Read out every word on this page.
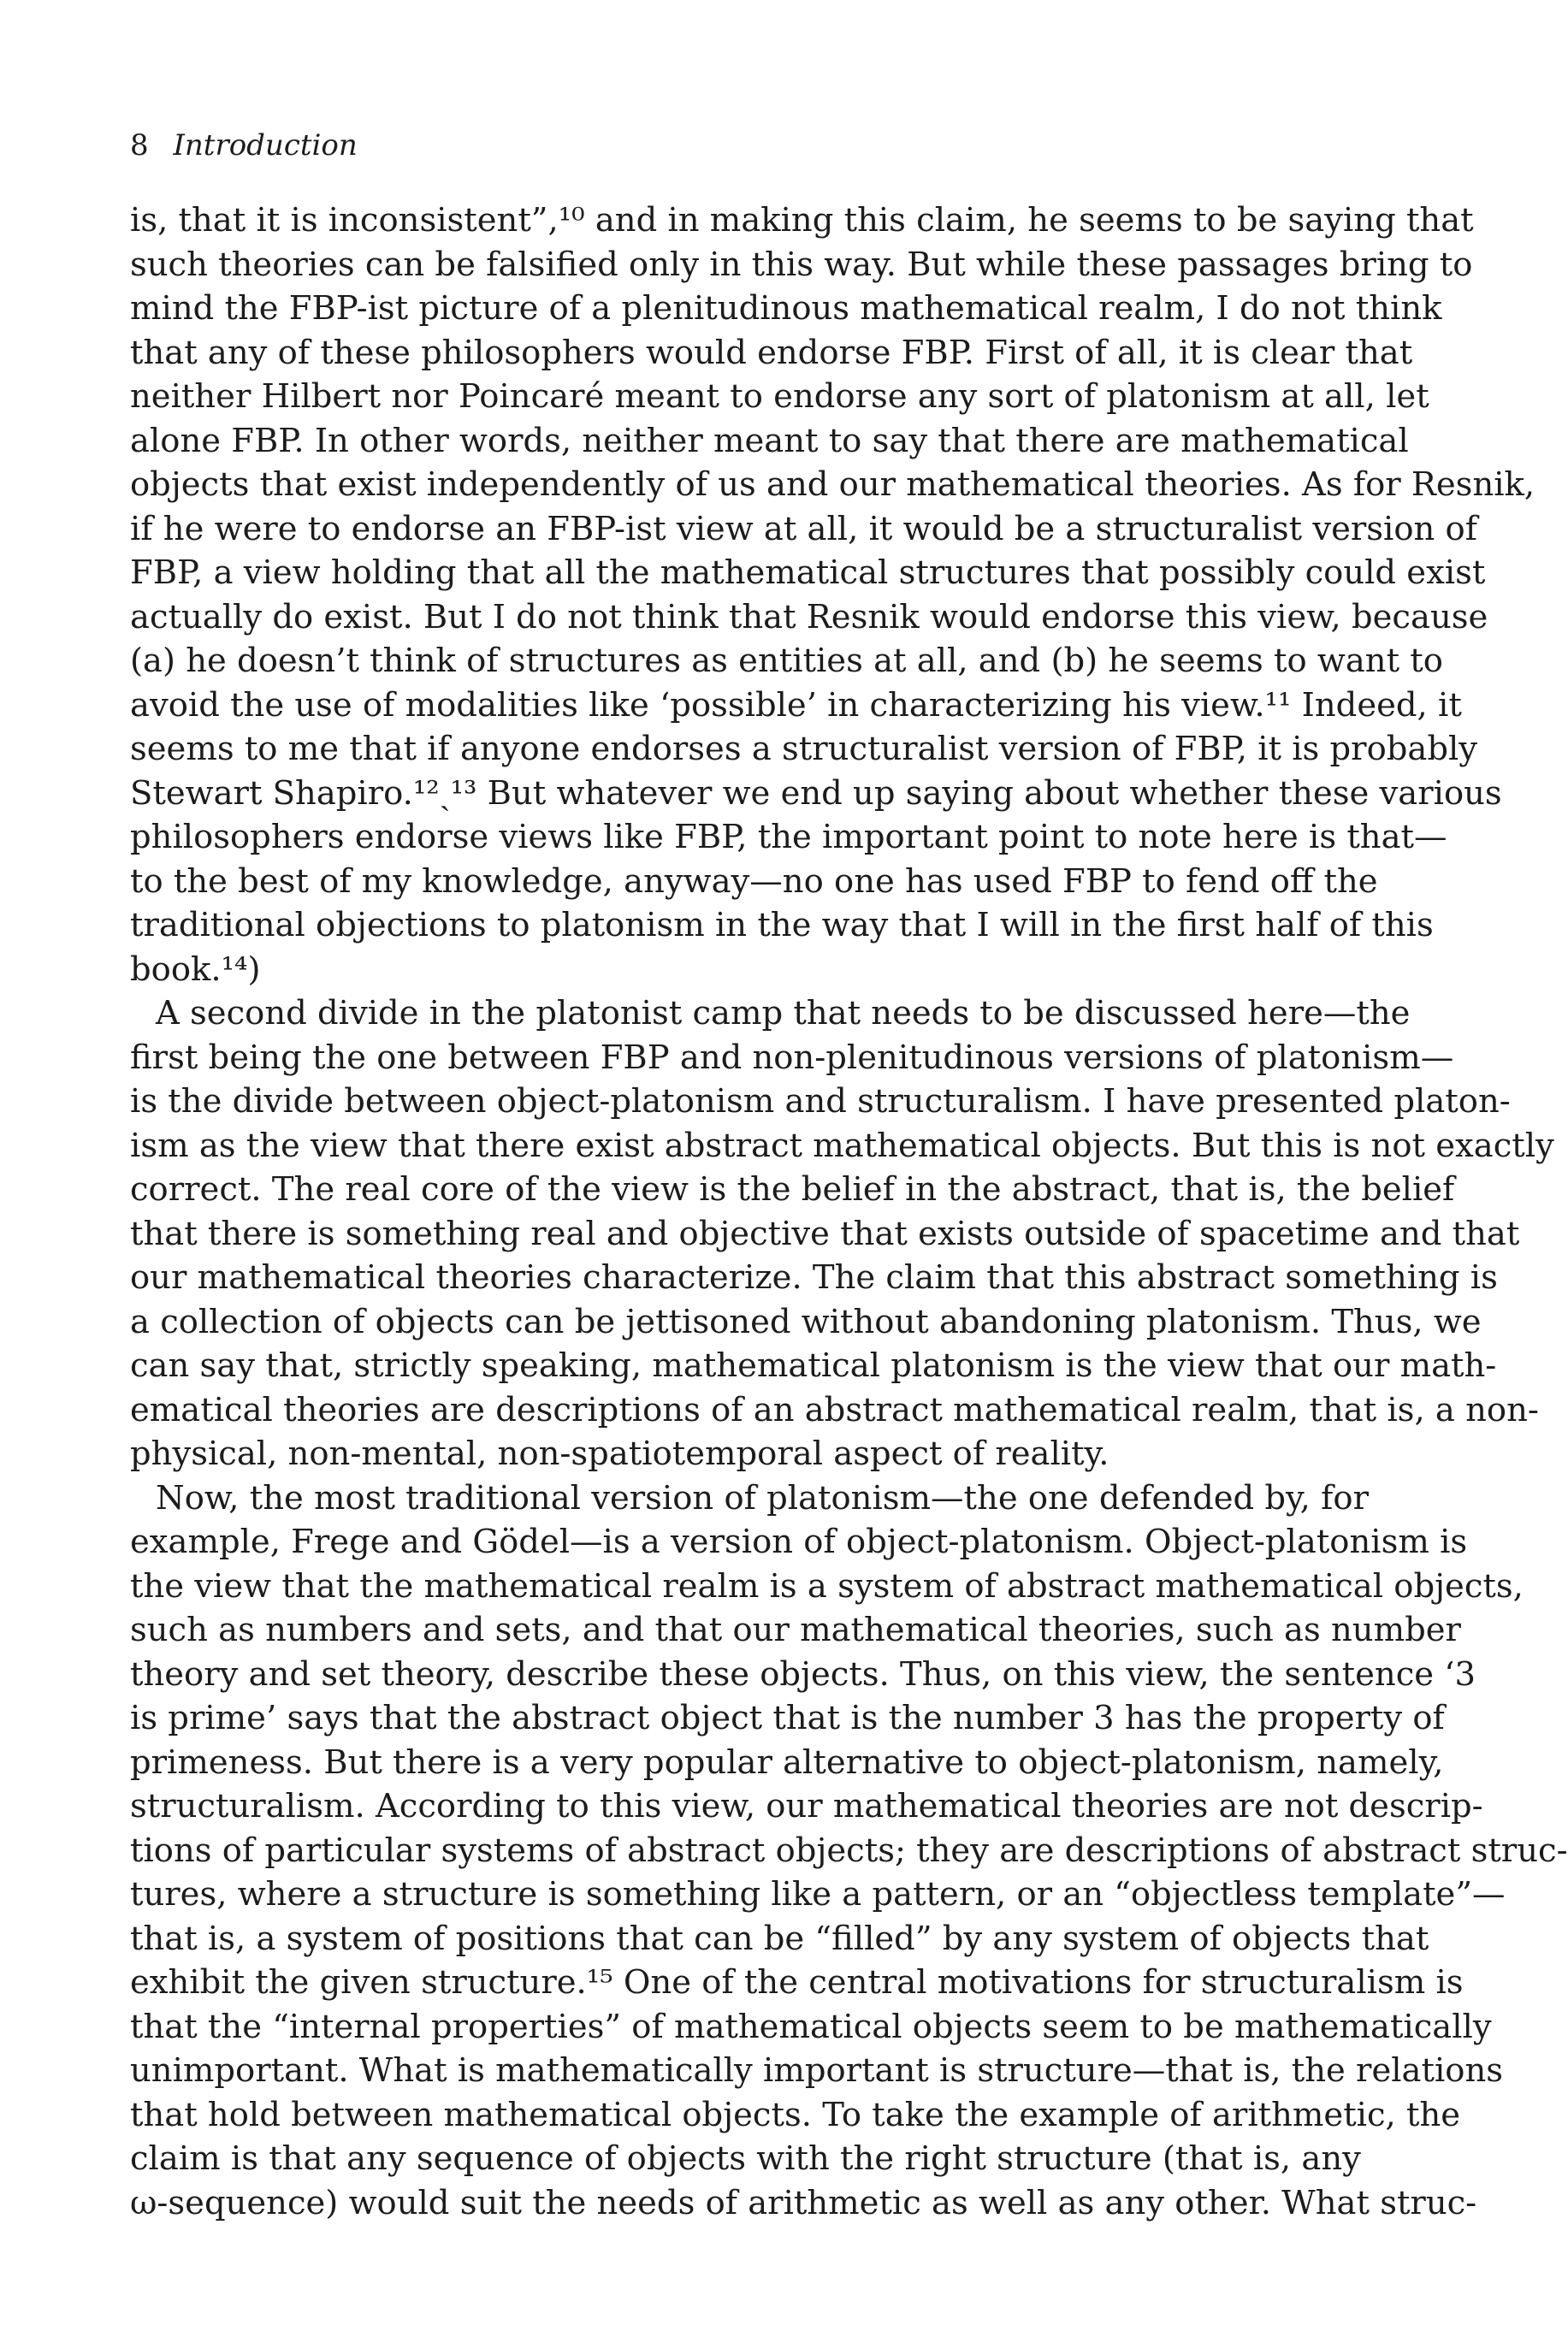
8 Introduction
is, that it is inconsistent”,¹⁰ and in making this claim, he seems to be saying that
such theories can be falsified only in this way. But while these passages bring to
mind the FBP-ist picture of a plenitudinous mathematical realm, I do not think
that any of these philosophers would endorse FBP. First of all, it is clear that
neither Hilbert nor Poincaré meant to endorse any sort of platonism at all, let
alone FBP. In other words, neither meant to say that there are mathematical
objects that exist independently of us and our mathematical theories. As for Resnik,
if he were to endorse an FBP-ist view at all, it would be a structuralist version of
FBP, a view holding that all the mathematical structures that possibly could exist
actually do exist. But I do not think that Resnik would endorse this view, because
(a) he doesn’t think of structures as entities at all, and (b) he seems to want to
avoid the use of modalities like ‘possible’ in characterizing his view.¹¹ Indeed, it
seems to me that if anyone endorses a structuralist version of FBP, it is probably
Stewart Shapiro.¹²ˎ¹³ But whatever we end up saying about whether these various
philosophers endorse views like FBP, the important point to note here is that—
to the best of my knowledge, anyway—no one has used FBP to fend off the
traditional objections to platonism in the way that I will in the first half of this
book.¹⁴)
A second divide in the platonist camp that needs to be discussed here—the
first being the one between FBP and non-plenitudinous versions of platonism—
is the divide between object-platonism and structuralism. I have presented platon-
ism as the view that there exist abstract mathematical objects. But this is not exactly
correct. The real core of the view is the belief in the abstract, that is, the belief
that there is something real and objective that exists outside of spacetime and that
our mathematical theories characterize. The claim that this abstract something is
a collection of objects can be jettisoned without abandoning platonism. Thus, we
can say that, strictly speaking, mathematical platonism is the view that our math-
ematical theories are descriptions of an abstract mathematical realm, that is, a non-
physical, non-mental, non-spatiotemporal aspect of reality.
Now, the most traditional version of platonism—the one defended by, for
example, Frege and Gödel—is a version of object-platonism. Object-platonism is
the view that the mathematical realm is a system of abstract mathematical objects,
such as numbers and sets, and that our mathematical theories, such as number
theory and set theory, describe these objects. Thus, on this view, the sentence ‘3
is prime’ says that the abstract object that is the number 3 has the property of
primeness. But there is a very popular alternative to object-platonism, namely,
structuralism. According to this view, our mathematical theories are not descrip-
tions of particular systems of abstract objects; they are descriptions of abstract struc-
tures, where a structure is something like a pattern, or an “objectless template”—
that is, a system of positions that can be “filled” by any system of objects that
exhibit the given structure.¹⁵ One of the central motivations for structuralism is
that the “internal properties” of mathematical objects seem to be mathematically
unimportant. What is mathematically important is structure—that is, the relations
that hold between mathematical objects. To take the example of arithmetic, the
claim is that any sequence of objects with the right structure (that is, any
ω-sequence) would suit the needs of arithmetic as well as any other. What struc-
